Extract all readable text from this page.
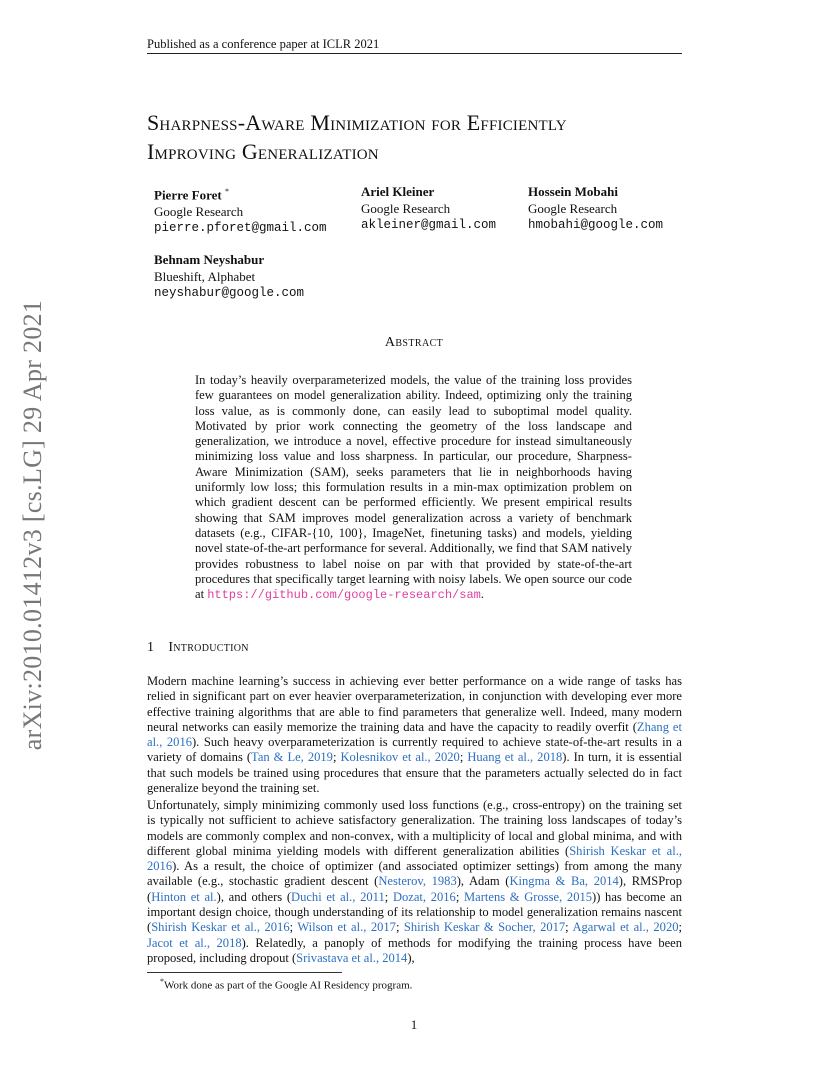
Published as a conference paper at ICLR 2021
arXiv:2010.01412v3 [cs.LG] 29 Apr 2021
Sharpness-Aware Minimization for Efficiently
Improving Generalization
Pierre Foret *
Google Research
pierre.pforet@gmail.com
Ariel Kleiner
Google Research
akleiner@gmail.com
Hossein Mobahi
Google Research
hmobahi@google.com
Behnam Neyshabur
Blueshift, Alphabet
neyshabur@google.com
Abstract
In today’s heavily overparameterized models, the value of the training loss provides few guarantees on model generalization ability. Indeed, optimizing only the training loss value, as is commonly done, can easily lead to suboptimal model quality. Motivated by prior work connecting the geometry of the loss landscape and generalization, we introduce a novel, effective procedure for instead simultaneously minimizing loss value and loss sharpness. In particular, our procedure, Sharpness-Aware Minimization (SAM), seeks parameters that lie in neighborhoods having uniformly low loss; this formulation results in a min-max optimization problem on which gradient descent can be performed efficiently. We present empirical results showing that SAM improves model generalization across a variety of benchmark datasets (e.g., CIFAR-{10, 100}, ImageNet, finetuning tasks) and models, yielding novel state-of-the-art performance for several. Additionally, we find that SAM natively provides robustness to label noise on par with that provided by state-of-the-art procedures that specifically target learning with noisy labels. We open source our code at https://github.com/google-research/sam.
1 Introduction
Modern machine learning’s success in achieving ever better performance on a wide range of tasks has relied in significant part on ever heavier overparameterization, in conjunction with developing ever more effective training algorithms that are able to find parameters that generalize well. Indeed, many modern neural networks can easily memorize the training data and have the capacity to readily overfit (Zhang et al., 2016). Such heavy overparameterization is currently required to achieve state-of-the-art results in a variety of domains (Tan & Le, 2019; Kolesnikov et al., 2020; Huang et al., 2018). In turn, it is essential that such models be trained using procedures that ensure that the parameters actually selected do in fact generalize beyond the training set.
Unfortunately, simply minimizing commonly used loss functions (e.g., cross-entropy) on the training set is typically not sufficient to achieve satisfactory generalization. The training loss landscapes of today’s models are commonly complex and non-convex, with a multiplicity of local and global minima, and with different global minima yielding models with different generalization abilities (Shirish Keskar et al., 2016). As a result, the choice of optimizer (and associated optimizer settings) from among the many available (e.g., stochastic gradient descent (Nesterov, 1983), Adam (Kingma & Ba, 2014), RMSProp (Hinton et al.), and others (Duchi et al., 2011; Dozat, 2016; Martens & Grosse, 2015)) has become an important design choice, though understanding of its relationship to model generalization remains nascent (Shirish Keskar et al., 2016; Wilson et al., 2017; Shirish Keskar & Socher, 2017; Agarwal et al., 2020; Jacot et al., 2018). Relatedly, a panoply of methods for modifying the training process have been proposed, including dropout (Srivastava et al., 2014),
*Work done as part of the Google AI Residency program.
1
